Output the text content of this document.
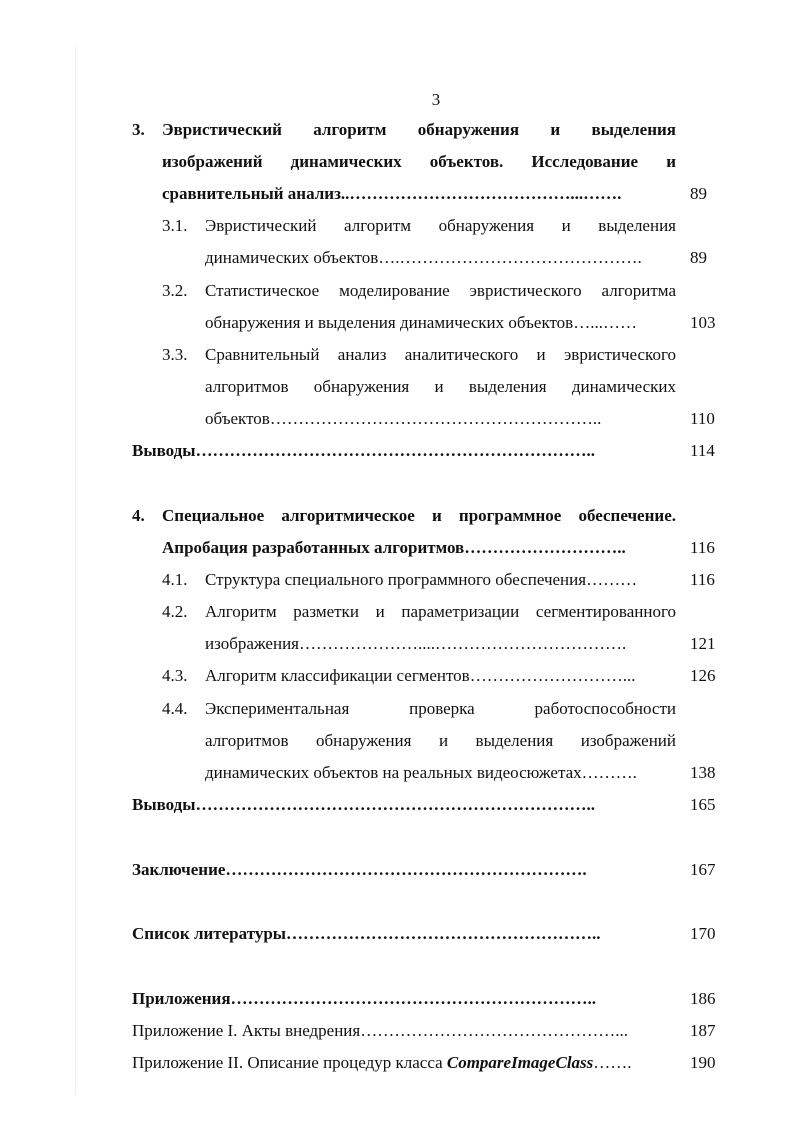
3
3. Эвристический алгоритм обнаружения и выделения
изображений динамических объектов. Исследование и
сравнительный анализ..…………………………………...…….	89
3.1. Эвристический алгоритм обнаружения и выделения
динамических объектов….…………………………………….	89
3.2. Статистическое моделирование эвристического алгоритма
обнаружения и выделения динамических объектов…...……	103
3.3. Сравнительный анализ аналитического и эвристического
алгоритмов обнаружения и выделения динамических
объектов…………………………………………………..	110
Выводы……………………………………………………………..	114
4. Специальное алгоритмическое и программное обеспечение.
Апробация разработанных алгоритмов………………………..	116
4.1. Структура специального программного обеспечения………	116
4.2. Алгоритм разметки и параметризации сегментированного
изображения…………………....…………………………….	121
4.3. Алгоритм классификации сегментов………………………...	126
4.4. Экспериментальная проверка работоспособности
алгоритмов обнаружения и выделения изображений
динамических объектов на реальных видеосюжетах……….	138
Выводы……………………………………………………………..	165
Заключение……………………………………………………….	167
Список литературы………………………………………………..	170
Приложения………………………………………………………..	186
Приложение I. Акты внедрения………………………………………...	187
Приложение II. Описание процедур класса CompareImageClass…….	190
